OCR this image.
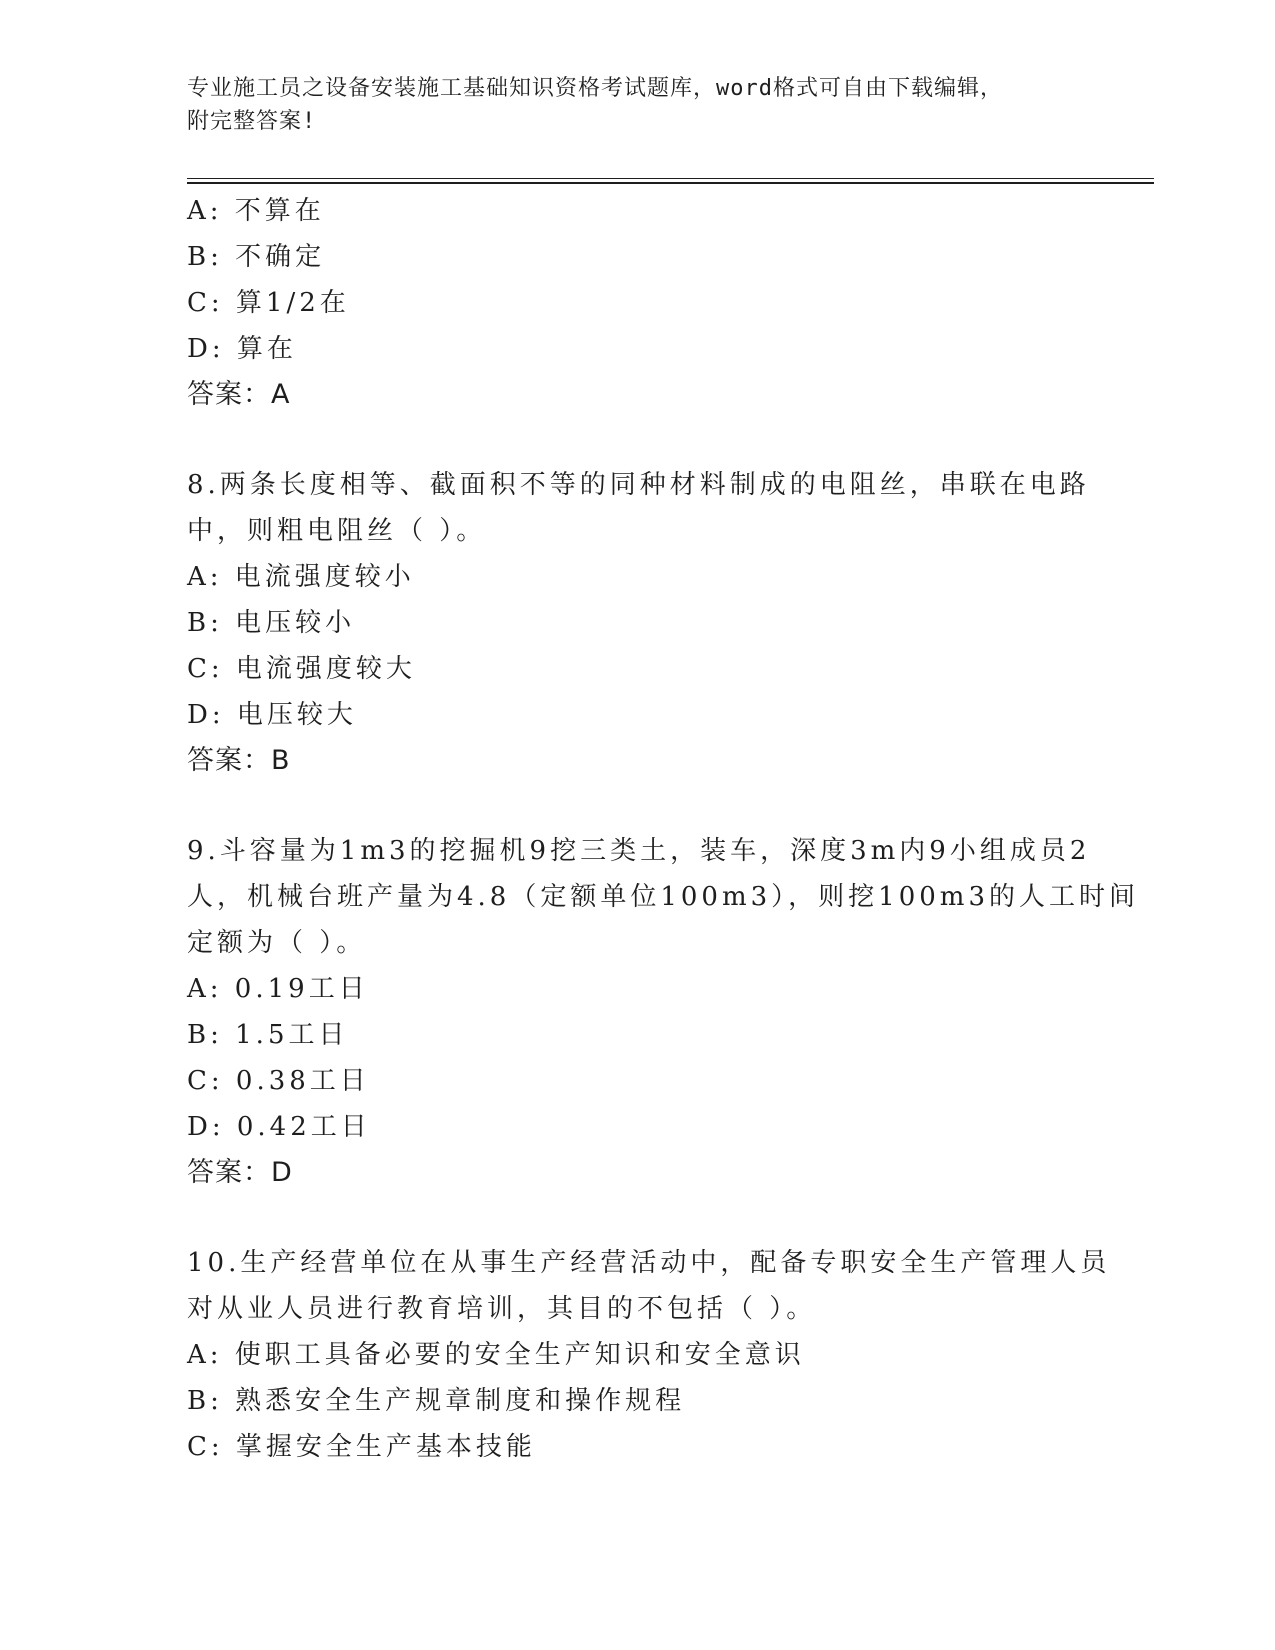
专业施工员之设备安装施工基础知识资格考试题库，word格式可自由下载编辑，
附完整答案!
A: 不算在
B: 不确定
C: 算1/2在
D: 算在
答案：A
8.两条长度相等、截面积不等的同种材料制成的电阻丝，串联在电路
中，则粗电阻丝（ ）。
A: 电流强度较小
B: 电压较小
C: 电流强度较大
D: 电压较大
答案：B
9.斗容量为1m3的挖掘机9挖三类土，装车，深度3m内9小组成员2
人，机械台班产量为4.8（定额单位100m3），则挖100m3的人工时间
定额为（ ）。
A: 0.19工日
B: 1.5工日
C: 0.38工日
D: 0.42工日
答案：D
10.生产经营单位在从事生产经营活动中，配备专职安全生产管理人员
对从业人员进行教育培训，其目的不包括（ ）。
A: 使职工具备必要的安全生产知识和安全意识
B: 熟悉安全生产规章制度和操作规程
C: 掌握安全生产基本技能
